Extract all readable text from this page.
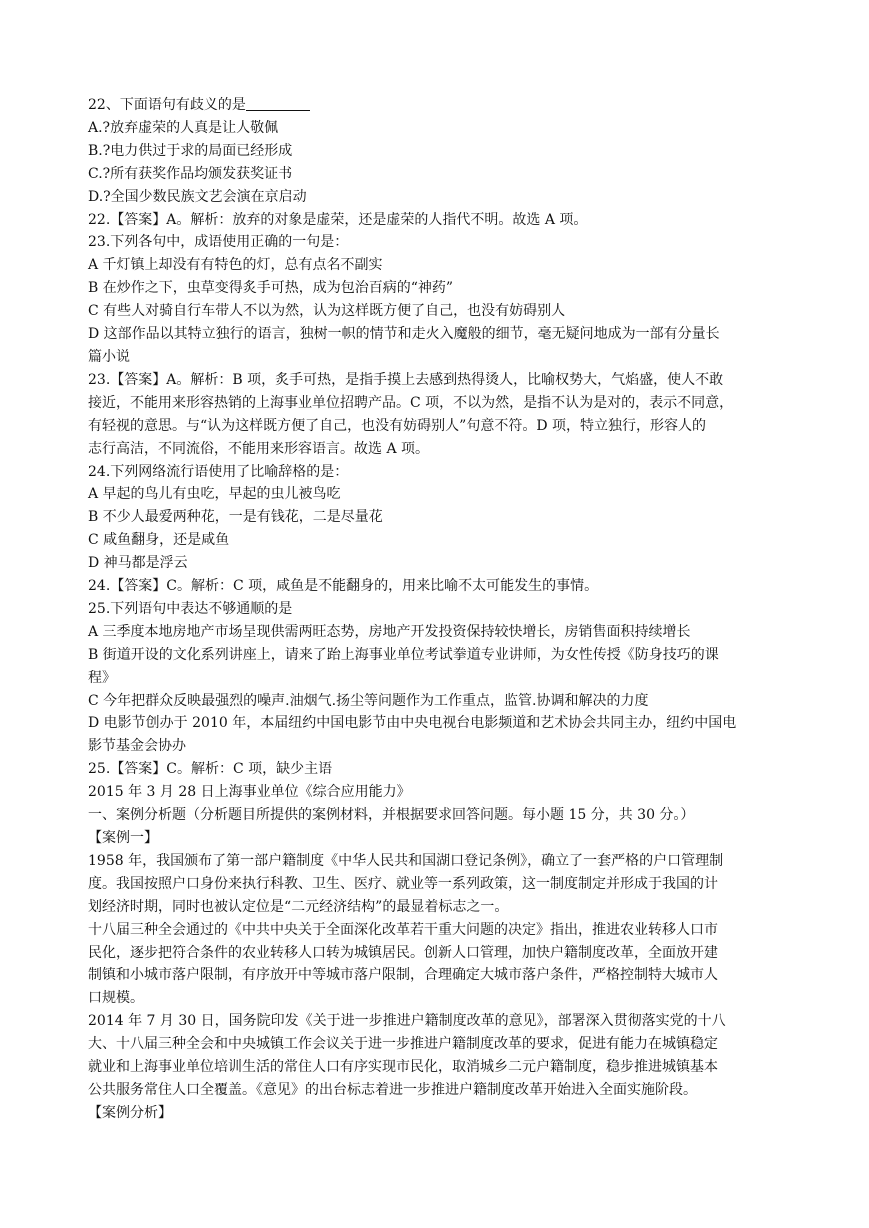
22、下面语句有歧义的是

A.?放弃虚荣的人真是让人敬佩

B.?电力供过于求的局面已经形成

C.?所有获奖作品均颁发获奖证书

D.?全国少数民族文艺会演在京启动

22.【答案】A。解析：放弃的对象是虚荣，还是虚荣的人指代不明。故选 A 项。

23.下列各句中，成语使用正确的一句是：

A 千灯镇上却没有有特色的灯，总有点名不副实

B 在炒作之下，虫草变得炙手可热，成为包治百病的“神药”

C 有些人对骑自行车带人不以为然，认为这样既方便了自己，也没有妨碍别人

D 这部作品以其特立独行的语言，独树一帜的情节和走火入魔般的细节，毫无疑问地成为一部有分量长

篇小说

23.【答案】A。解析：B 项，炙手可热，是指手摸上去感到热得烫人，比喻权势大，气焰盛，使人不敢

接近，不能用来形容热销的上海事业单位招聘产品。C 项，不以为然，是指不认为是对的，表示不同意，

有轻视的意思。与“认为这样既方便了自己，也没有妨碍别人”句意不符。D 项，特立独行，形容人的

志行高洁，不同流俗，不能用来形容语言。故选 A 项。

24.下列网络流行语使用了比喻辞格的是：

A 早起的鸟儿有虫吃，早起的虫儿被鸟吃

B 不少人最爱两种花，一是有钱花，二是尽量花

C 咸鱼翻身，还是咸鱼

D 神马都是浮云

24.【答案】C。解析：C 项，咸鱼是不能翻身的，用来比喻不太可能发生的事情。

25.下列语句中表达不够通顺的是

A 三季度本地房地产市场呈现供需两旺态势，房地产开发投资保持较快增长，房销售面积持续增长

B 街道开设的文化系列讲座上，请来了跆上海事业单位考试拳道专业讲师，为女性传授《防身技巧的课

程》

C 今年把群众反映最强烈的噪声.油烟气.扬尘等问题作为工作重点，监管.协调和解决的力度

D 电影节创办于 2010 年，本届纽约中国电影节由中央电视台电影频道和艺术协会共同主办，纽约中国电

影节基金会协办

25.【答案】C。解析：C 项，缺少主语

2015 年 3 月 28 日上海事业单位《综合应用能力》

一、案例分析题（分析题目所提供的案例材料，并根据要求回答问题。每小题 15 分，共 30 分。）

【案例一】

1958 年，我国颁布了第一部户籍制度《中华人民共和国湖口登记条例》，确立了一套严格的户口管理制

度。我国按照户口身份来执行科教、卫生、医疗、就业等一系列政策，这一制度制定并形成于我国的计

划经济时期，同时也被认定位是“二元经济结构”的最显着标志之一。

十八届三种全会通过的《中共中央关于全面深化改革若干重大问题的决定》指出，推进农业转移人口市

民化，逐步把符合条件的农业转移人口转为城镇居民。创新人口管理，加快户籍制度改革，全面放开建

制镇和小城市落户限制，有序放开中等城市落户限制，合理确定大城市落户条件，严格控制特大城市人

口规模。

2014 年 7 月 30 日，国务院印发《关于进一步推进户籍制度改革的意见》，部署深入贯彻落实党的十八

大、十八届三种全会和中央城镇工作会议关于进一步推进户籍制度改革的要求，促进有能力在城镇稳定

就业和上海事业单位培训生活的常住人口有序实现市民化，取消城乡二元户籍制度，稳步推进城镇基本

公共服务常住人口全覆盖。《意见》的出台标志着进一步推进户籍制度改革开始进入全面实施阶段。

【案例分析】
